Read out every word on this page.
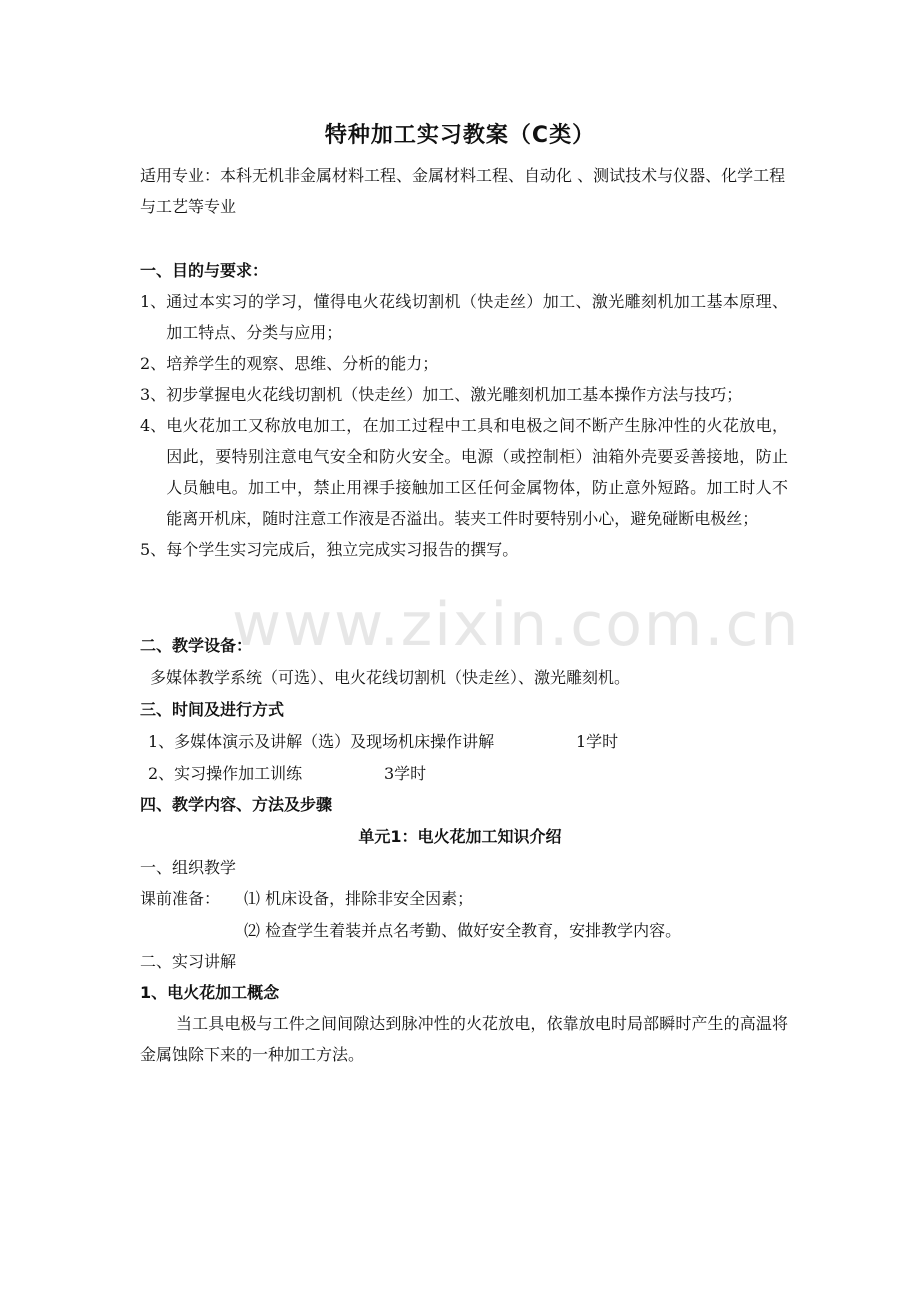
特种加工实习教案（C类）
适用专业：本科无机非金属材料工程、金属材料工程、自动化 、测试技术与仪器、化学工程与工艺等专业
一、目的与要求：
1、 通过本实习的学习，懂得电火花线切割机（快走丝）加工、激光雕刻机加工基本原理、加工特点、分类与应用；
2、 培养学生的观察、思维、分析的能力；
3、 初步掌握电火花线切割机（快走丝）加工、激光雕刻机加工基本操作方法与技巧；
4、 电火花加工又称放电加工，在加工过程中工具和电极之间不断产生脉冲性的火花放电，因此，要特别注意电气安全和防火安全。电源（或控制柜）油箱外壳要妥善接地，防止人员触电。加工中，禁止用裸手接触加工区任何金属物体，防止意外短路。加工时人不能离开机床，随时注意工作液是否溢出。装夹工件时要特别小心，避免碰断电极丝；
5、 每个学生实习完成后，独立完成实习报告的撰写。
www.zixin.com.cn
二、教学设备：
多媒体教学系统（可选）、电火花线切割机（快走丝）、激光雕刻机。
三、时间及进行方式
1、多媒体演示及讲解（选）及现场机床操作讲解	1学时
2、实习操作加工训练	3学时
四、教学内容、方法及步骤
单元1：电火花加工知识介绍
一、组织教学
课前准备： ⑴ 机床设备，排除非安全因素；
⑵ 检查学生着装并点名考勤、做好安全教育，安排教学内容。
二、实习讲解
1、电火花加工概念
当工具电极与工件之间间隙达到脉冲性的火花放电，依靠放电时局部瞬时产生的高温将金属蚀除下来的一种加工方法。
